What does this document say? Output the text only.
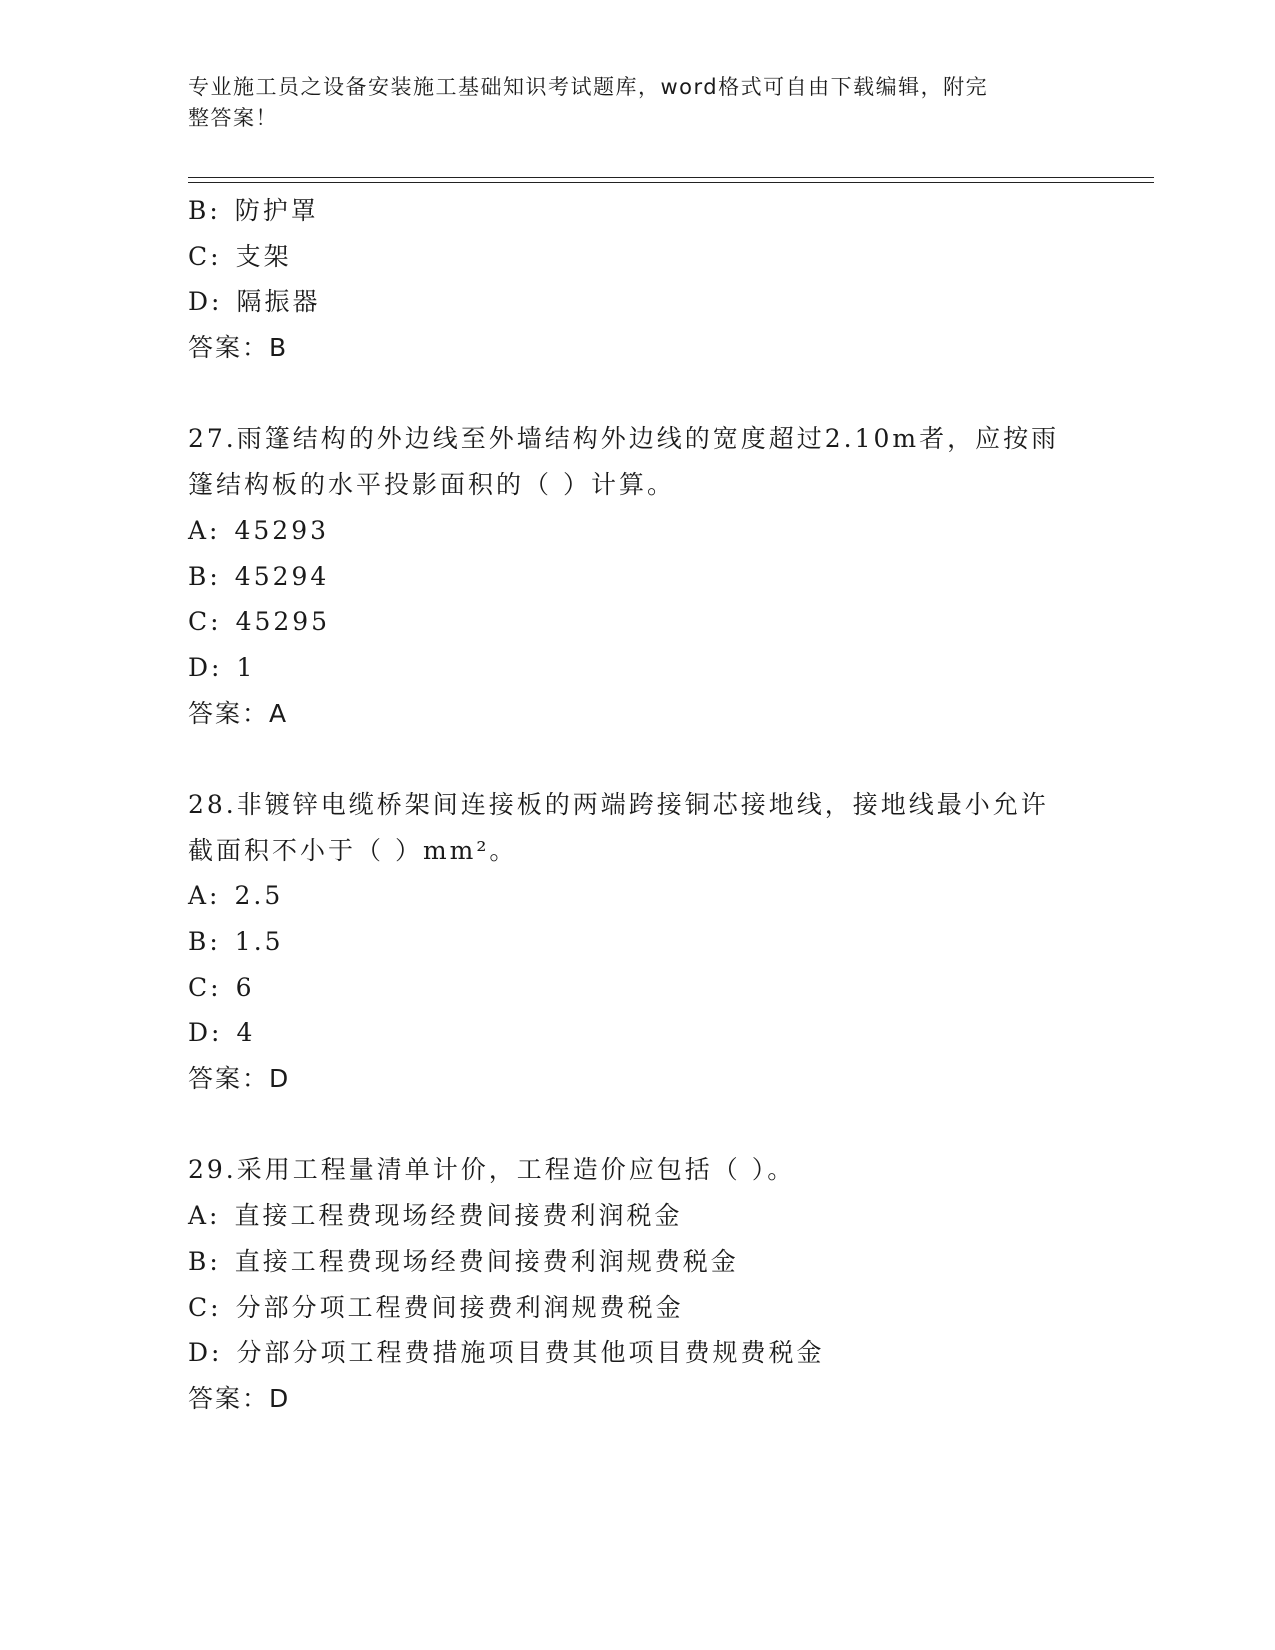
专业施工员之设备安装施工基础知识考试题库，word格式可自由下载编辑，附完
整答案！
B: 防护罩
C: 支架
D: 隔振器
答案：B
27.雨篷结构的外边线至外墙结构外边线的宽度超过2.10m者，应按雨
篷结构板的水平投影面积的（ ）计算。
A: 45293
B: 45294
C: 45295
D: 1
答案：A
28.非镀锌电缆桥架间连接板的两端跨接铜芯接地线，接地线最小允许
截面积不小于（ ）mm²。
A: 2.5
B: 1.5
C: 6
D: 4
答案：D
29.采用工程量清单计价，工程造价应包括（ ）。
A: 直接工程费现场经费间接费利润税金
B: 直接工程费现场经费间接费利润规费税金
C: 分部分项工程费间接费利润规费税金
D: 分部分项工程费措施项目费其他项目费规费税金
答案：D
